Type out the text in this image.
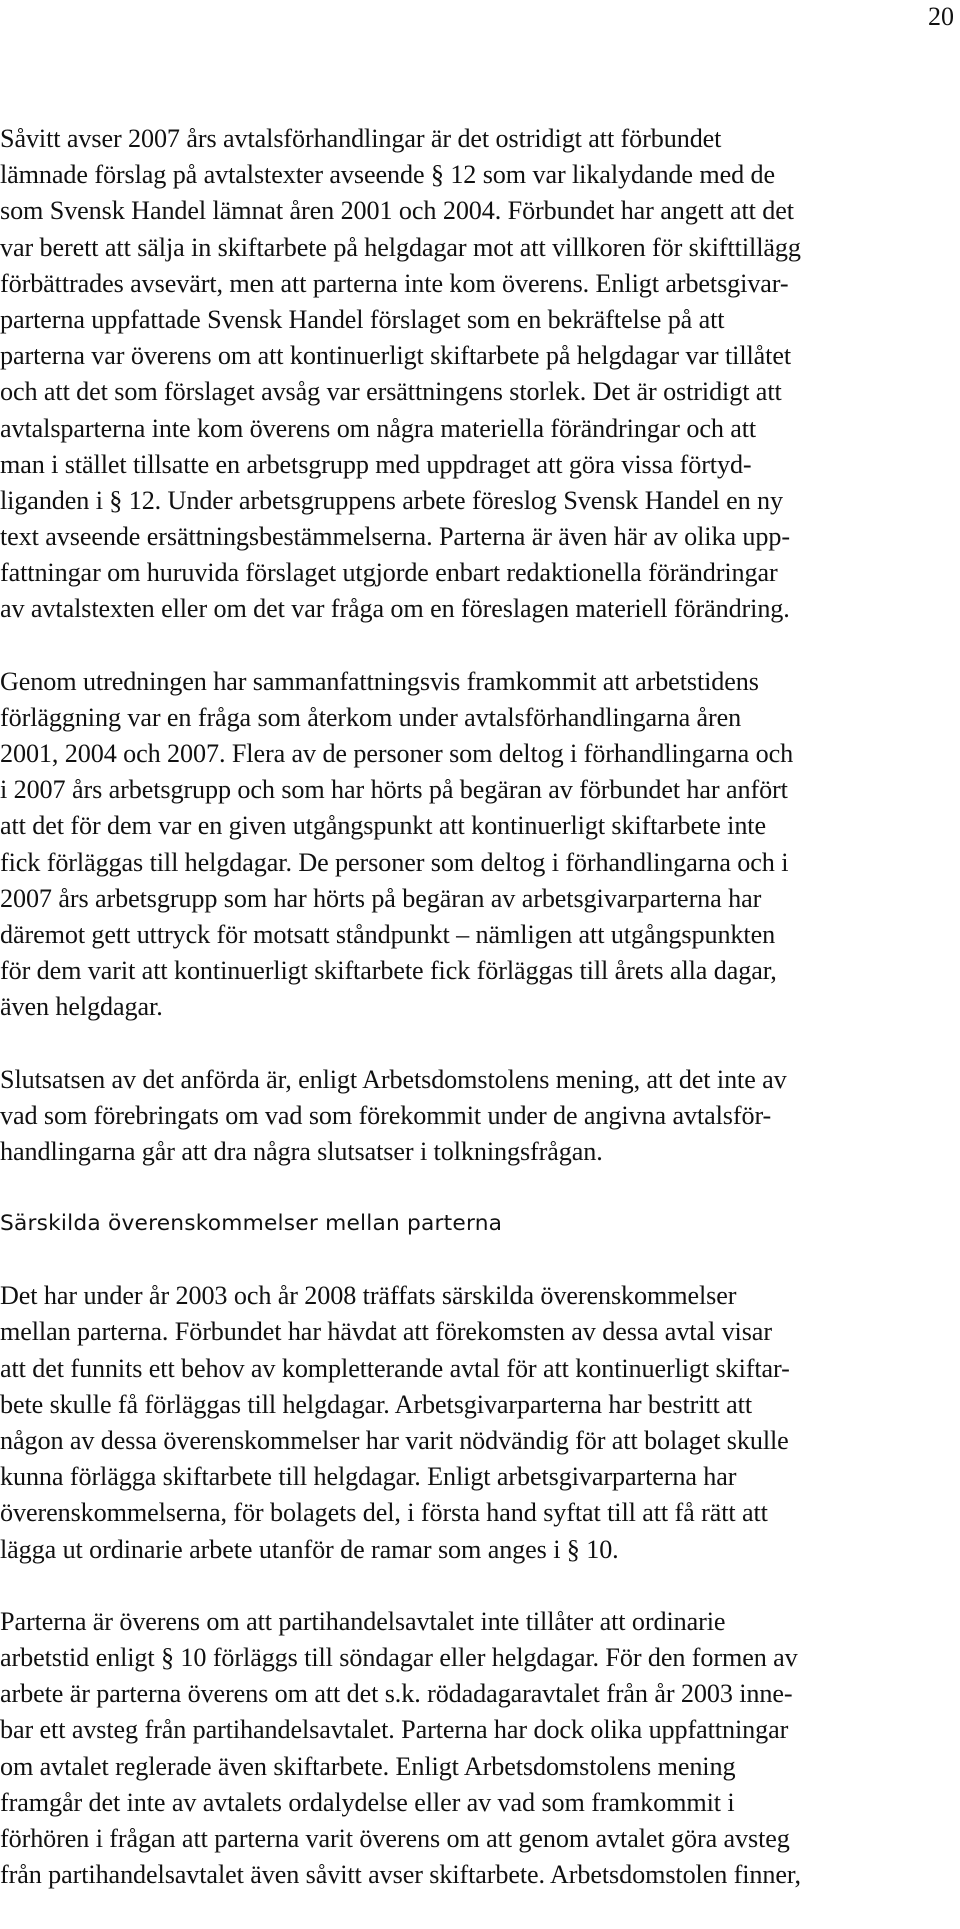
20

Såvitt avser 2007 års avtalsförhandlingar är det ostridigt att förbundet
lämnade förslag på avtalstexter avseende § 12 som var likalydande med de
som Svensk Handel lämnat åren 2001 och 2004. Förbundet har angett att det
var berett att sälja in skiftarbete på helgdagar mot att villkoren för skifttillägg
förbättrades avsevärt, men att parterna inte kom överens. Enligt arbetsgivar-
parterna uppfattade Svensk Handel förslaget som en bekräftelse på att
parterna var överens om att kontinuerligt skiftarbete på helgdagar var tillåtet
och att det som förslaget avsåg var ersättningens storlek. Det är ostridigt att
avtalsparterna inte kom överens om några materiella förändringar och att
man i stället tillsatte en arbetsgrupp med uppdraget att göra vissa förtyd-
liganden i § 12. Under arbetsgruppens arbete föreslog Svensk Handel en ny
text avseende ersättningsbestämmelserna. Parterna är även här av olika upp-
fattningar om huruvida förslaget utgjorde enbart redaktionella förändringar
av avtalstexten eller om det var fråga om en föreslagen materiell förändring.
Genom utredningen har sammanfattningsvis framkommit att arbetstidens
förläggning var en fråga som återkom under avtalsförhandlingarna åren
2001, 2004 och 2007. Flera av de personer som deltog i förhandlingarna och
i 2007 års arbetsgrupp och som har hörts på begäran av förbundet har anfört
att det för dem var en given utgångspunkt att kontinuerligt skiftarbete inte
fick förläggas till helgdagar. De personer som deltog i förhandlingarna och i
2007 års arbetsgrupp som har hörts på begäran av arbetsgivarparterna har
däremot gett uttryck för motsatt ståndpunkt – nämligen att utgångspunkten
för dem varit att kontinuerligt skiftarbete fick förläggas till årets alla dagar,
även helgdagar.
Slutsatsen av det anförda är, enligt Arbetsdomstolens mening, att det inte av
vad som förebringats om vad som förekommit under de angivna avtalsför-
handlingarna går att dra några slutsatser i tolkningsfrågan.
Särskilda överenskommelser mellan parterna
Det har under år 2003 och år 2008 träffats särskilda överenskommelser
mellan parterna. Förbundet har hävdat att förekomsten av dessa avtal visar
att det funnits ett behov av kompletterande avtal för att kontinuerligt skiftar-
bete skulle få förläggas till helgdagar. Arbetsgivarparterna har bestritt att
någon av dessa överenskommelser har varit nödvändig för att bolaget skulle
kunna förlägga skiftarbete till helgdagar. Enligt arbetsgivarparterna har
överenskommelserna, för bolagets del, i första hand syftat till att få rätt att
lägga ut ordinarie arbete utanför de ramar som anges i § 10.
Parterna är överens om att partihandelsavtalet inte tillåter att ordinarie
arbetstid enligt § 10 förläggs till söndagar eller helgdagar. För den formen av
arbete är parterna överens om att det s.k. rödadagaravtalet från år 2003 inne-
bar ett avsteg från partihandelsavtalet. Parterna har dock olika uppfattningar
om avtalet reglerade även skiftarbete. Enligt Arbetsdomstolens mening
framgår det inte av avtalets ordalydelse eller av vad som framkommit i
förhören i frågan att parterna varit överens om att genom avtalet göra avsteg
från partihandelsavtalet även såvitt avser skiftarbete. Arbetsdomstolen finner,
